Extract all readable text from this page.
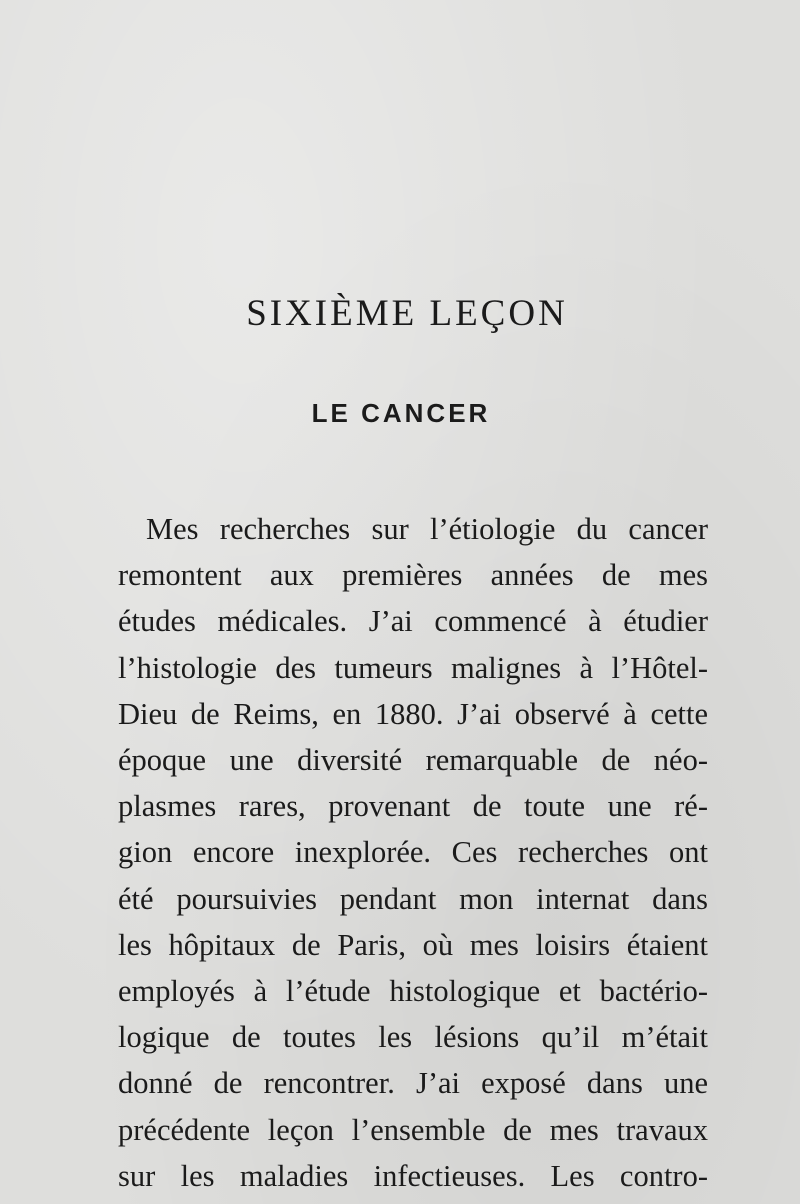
SIXIÈME LEÇON
LE CANCER
Mes recherches sur l’étiologie du cancer
remontent aux premières années de mes
études médicales. J’ai commencé à étudier
l’histologie des tumeurs malignes à l’Hôtel-
Dieu de Reims, en 1880. J’ai observé à cette
époque une diversité remarquable de néo-
plasmes rares, provenant de toute une ré-
gion encore inexplorée. Ces recherches ont
été poursuivies pendant mon internat dans
les hôpitaux de Paris, où mes loisirs étaient
employés à l’étude histologique et bactério-
logique de toutes les lésions qu’il m’était
donné de rencontrer. J’ai exposé dans une
précédente leçon l’ensemble de mes travaux
sur les maladies infectieuses. Les contro-
